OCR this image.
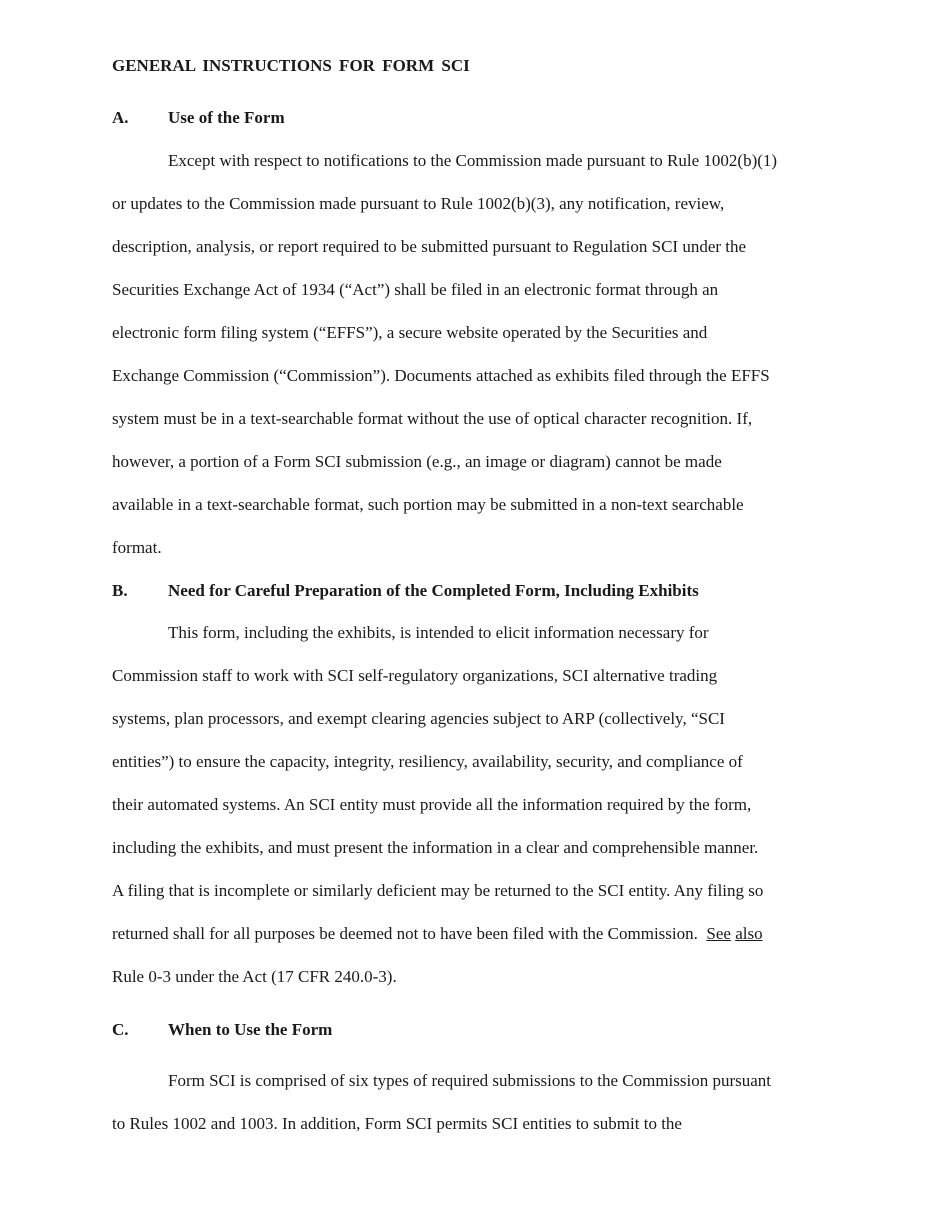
GENERAL INSTRUCTIONS FOR FORM SCI
A. Use of the Form
Except with respect to notifications to the Commission made pursuant to Rule 1002(b)(1)
or updates to the Commission made pursuant to Rule 1002(b)(3), any notification, review,
description, analysis, or report required to be submitted pursuant to Regulation SCI under the
Securities Exchange Act of 1934 (“Act”) shall be filed in an electronic format through an
electronic form filing system (“EFFS”), a secure website operated by the Securities and
Exchange Commission (“Commission”). Documents attached as exhibits filed through the EFFS
system must be in a text-searchable format without the use of optical character recognition. If,
however, a portion of a Form SCI submission (e.g., an image or diagram) cannot be made
available in a text-searchable format, such portion may be submitted in a non-text searchable
format.
B. Need for Careful Preparation of the Completed Form, Including Exhibits
This form, including the exhibits, is intended to elicit information necessary for
Commission staff to work with SCI self-regulatory organizations, SCI alternative trading
systems, plan processors, and exempt clearing agencies subject to ARP (collectively, “SCI
entities”) to ensure the capacity, integrity, resiliency, availability, security, and compliance of
their automated systems. An SCI entity must provide all the information required by the form,
including the exhibits, and must present the information in a clear and comprehensible manner.
A filing that is incomplete or similarly deficient may be returned to the SCI entity. Any filing so
returned shall for all purposes be deemed not to have been filed with the Commission. See also
Rule 0-3 under the Act (17 CFR 240.0-3).
C. When to Use the Form
Form SCI is comprised of six types of required submissions to the Commission pursuant
to Rules 1002 and 1003. In addition, Form SCI permits SCI entities to submit to the
